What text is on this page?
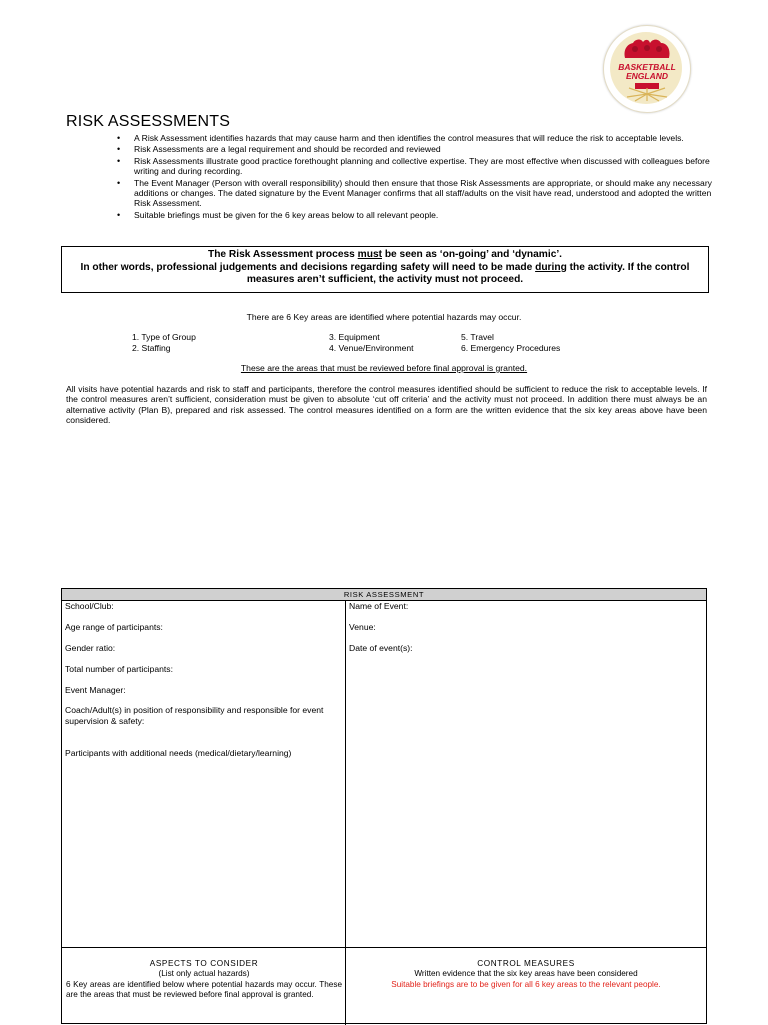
BASKETBALL
ENGLAND
RISK ASSESSMENTS
• A Risk Assessment identifies hazards that may cause harm and then identifies the control measures that will reduce the risk to acceptable levels.
• Risk Assessments are a legal requirement and should be recorded and reviewed
• Risk Assessments illustrate good practice forethought planning and collective expertise. They are most effective when discussed with colleagues before writing and during recording.
• The Event Manager (Person with overall responsibility) should then ensure that those Risk Assessments are appropriate, or should make any necessary additions or changes. The dated signature by the Event Manager confirms that all staff/adults on the visit have read, understood and adopted the written Risk Assessment.
• Suitable briefings must be given for the 6 key areas below to all relevant people.
The Risk Assessment process must be seen as ‘on-going’ and ‘dynamic’.
In other words, professional judgements and decisions regarding safety will need to be made during the activity. If the control measures aren’t sufficient, the activity must not proceed.
There are 6 Key areas are identified where potential hazards may occur.
1. Type of Group
2. Staffing
3. Equipment
4. Venue/Environment
5. Travel
6. Emergency Procedures
These are the areas that must be reviewed before final approval is granted.
All visits have potential hazards and risk to staff and participants, therefore the control measures identified should be sufficient to reduce the risk to acceptable levels. If the control measures aren’t sufficient, consideration must be given to absolute ‘cut off criteria’ and the activity must not proceed. In addition there must always be an alternative activity (Plan B), prepared and risk assessed. The control measures identified on a form are the written evidence that the six key areas above have been considered.
RISK ASSESSMENT
School/Club:
Age range of participants:
Gender ratio:
Total number of participants:
Event Manager:
Coach/Adult(s) in position of responsibility and responsible for event supervision & safety:
Participants with additional needs (medical/dietary/learning)
Name of Event:
Venue:
Date of event(s):
ASPECTS TO CONSIDER
(List only actual hazards)
6 Key areas are identified below where potential hazards may occur. These are the areas that must be reviewed before final approval is granted.
CONTROL MEASURES
Written evidence that the six key areas have been considered
Suitable briefings are to be given for all 6 key areas to the relevant people.
